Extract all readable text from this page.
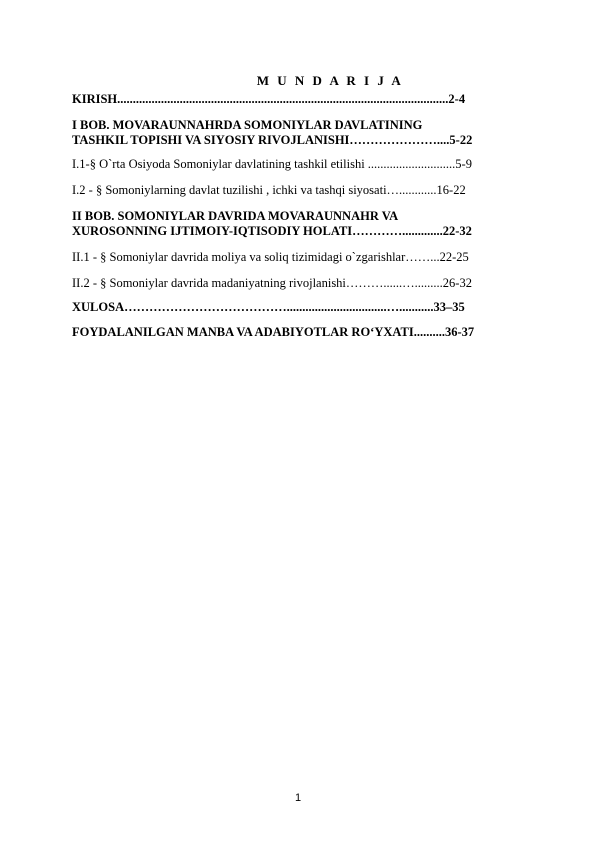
M U N D A R I J A
KIRISH..........................................................................................................2-4
I BOB. MOVARAUNNAHRDA SOMONIYLAR DAVLATINING
TASHKIL TOPISHI VA SIYOSIY RIVOJLANISHI…………………....5-22
I.1-§ O`rta Osiyoda Somoniylar davlatining tashkil etilishi ............................5-9
I.2 - § Somoniylarning davlat tuzilishi , ichki va tashqi siyosati…............16-22
II BOB. SOMONIYLAR DAVRIDA MOVARAUNNAHR VA
XUROSONNING IJTIMOIY-IQTISODIY HOLATI………….............22-32
II.1 - § Somoniylar davrida moliya va soliq tizimidagi o`zgarishlar……...22-25
II.2 - § Somoniylar davrida madaniyatning rivojlanishi………......….........26-32
XULOSA…………………………………................................…...........33–35
FOYDALANILGAN MANBA VA ADABIYOTLAR RO‘YXATI..........36-37
1
